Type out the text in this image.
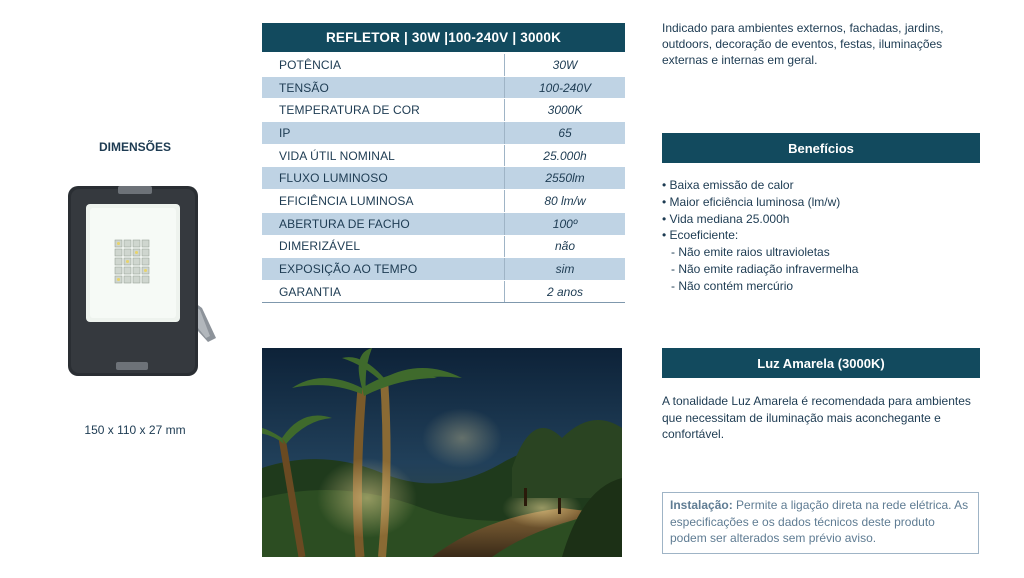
DIMENSÕES
150 x 110 x 27 mm
REFLETOR | 30W |100-240V | 3000K
POTÊNCIA	30W
TENSÃO	100-240V
TEMPERATURA DE COR	3000K
IP	65
VIDA ÚTIL NOMINAL	25.000h
FLUXO LUMINOSO	2550lm
EFICIÊNCIA LUMINOSA	80 lm/w
ABERTURA DE FACHO	100º
DIMERIZÁVEL	não
EXPOSIÇÃO AO TEMPO	sim
GARANTIA	2 anos
Indicado para ambientes externos, fachadas, jardins, outdoors, decoração de eventos, festas, iluminações externas e internas em geral.
Benefícios
• Baixa emissão de calor
• Maior eficiência luminosa (lm/w)
• Vida mediana 25.000h
• Ecoeficiente:
- Não emite raios ultravioletas
- Não emite radiação infravermelha
- Não contém mercúrio
Luz Amarela (3000K)
A tonalidade Luz Amarela é recomendada para ambientes que necessitam de iluminação mais aconchegante e confortável.
Instalação: Permite a ligação direta na rede elétrica. As especificações e os dados técnicos deste produto podem ser alterados sem prévio aviso.
